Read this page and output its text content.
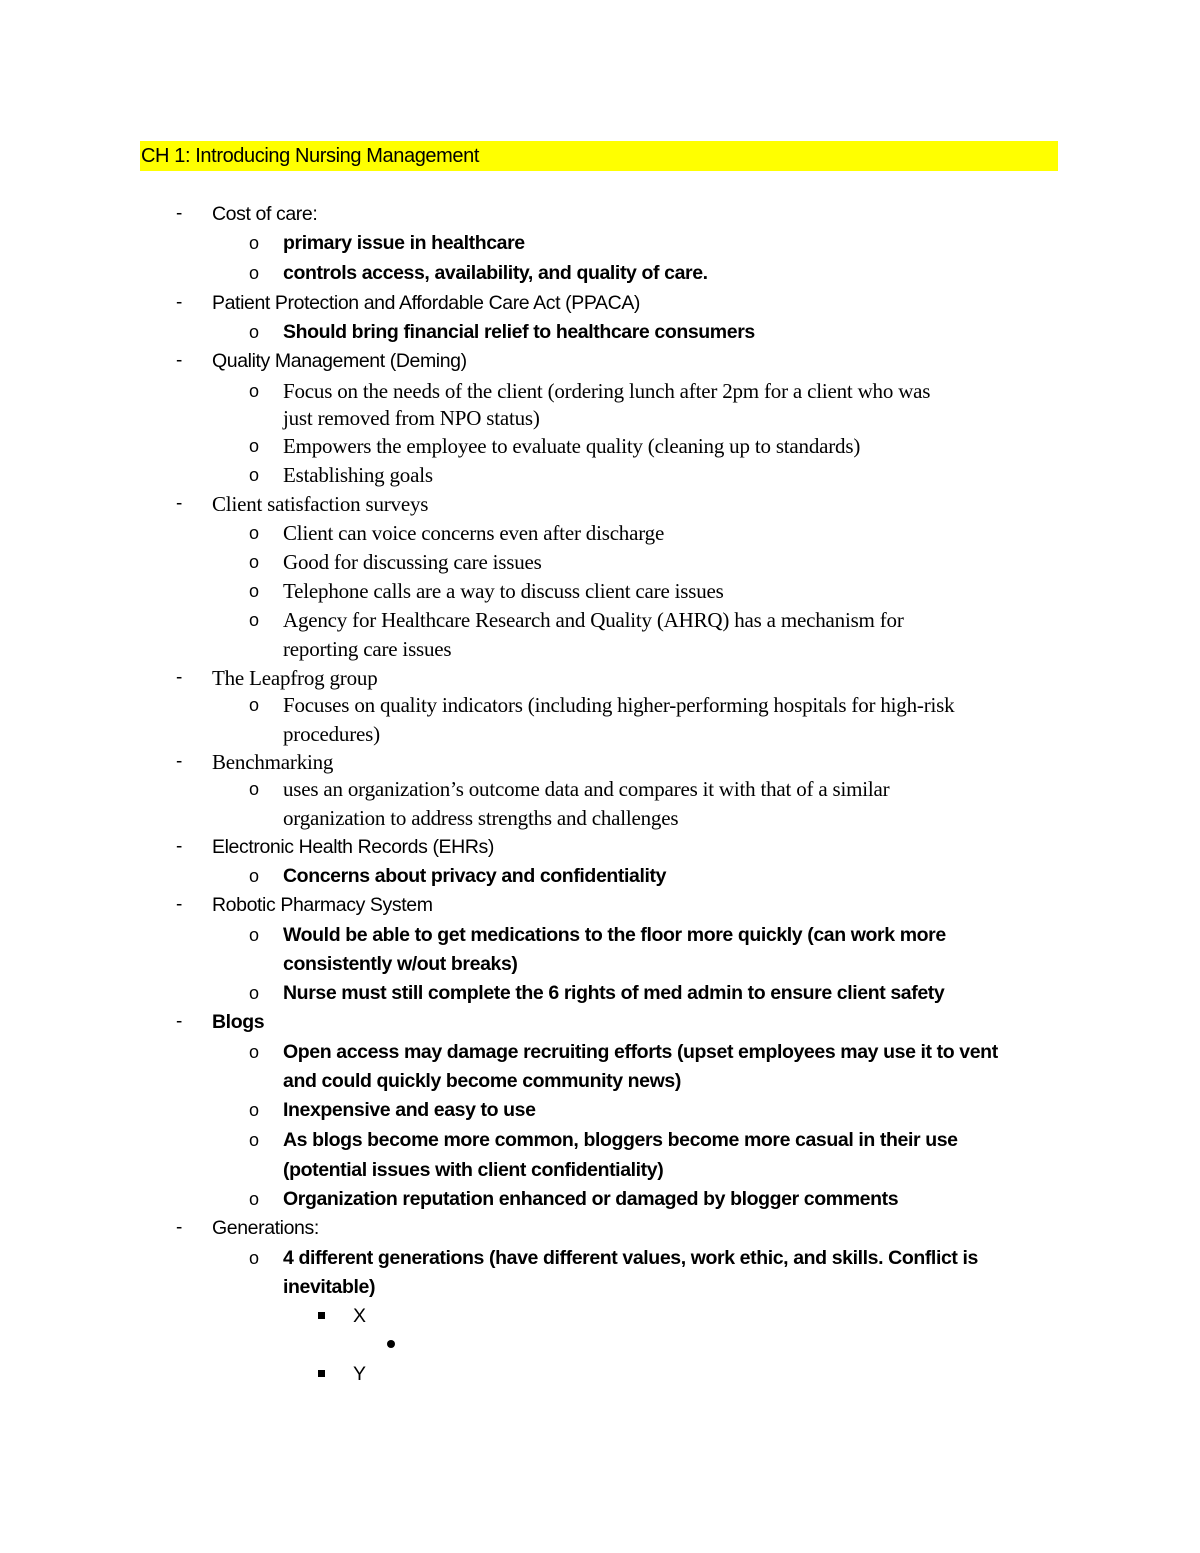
CH 1: Introducing Nursing Management
- Cost of care:
o primary issue in healthcare
o controls access, availability, and quality of care.
- Patient Protection and Affordable Care Act (PPACA)
o Should bring financial relief to healthcare consumers
- Quality Management (Deming)
o Focus on the needs of the client (ordering lunch after 2pm for a client who was
just removed from NPO status)
o Empowers the employee to evaluate quality (cleaning up to standards)
o Establishing goals
- Client satisfaction surveys
o Client can voice concerns even after discharge
o Good for discussing care issues
o Telephone calls are a way to discuss client care issues
o Agency for Healthcare Research and Quality (AHRQ) has a mechanism for
reporting care issues
- The Leapfrog group
o Focuses on quality indicators (including higher-performing hospitals for high-risk
procedures)
- Benchmarking
o uses an organization’s outcome data and compares it with that of a similar
organization to address strengths and challenges
- Electronic Health Records (EHRs)
o Concerns about privacy and confidentiality
- Robotic Pharmacy System
o Would be able to get medications to the floor more quickly (can work more
consistently w/out breaks)
o Nurse must still complete the 6 rights of med admin to ensure client safety
- Blogs
o Open access may damage recruiting efforts (upset employees may use it to vent
and could quickly become community news)
o Inexpensive and easy to use
o As blogs become more common, bloggers become more casual in their use
(potential issues with client confidentiality)
o Organization reputation enhanced or damaged by blogger comments
- Generations:
o 4 different generations (have different values, work ethic, and skills. Conflict is
inevitable)
X
Y
